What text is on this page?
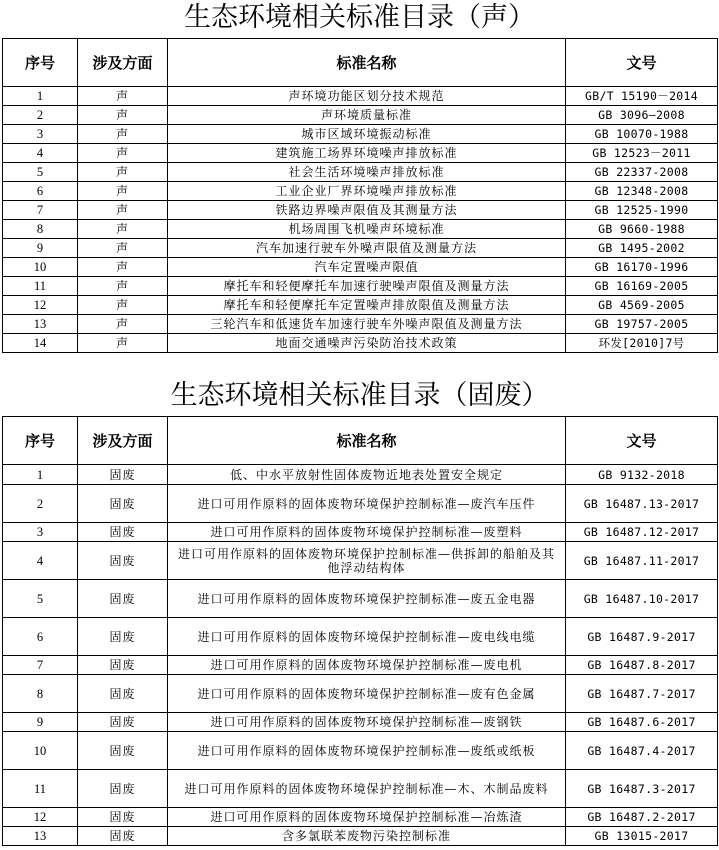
生态环境相关标准目录（声）
序号	涉及方面	标准名称	文号
1	声	声环境功能区划分技术规范	GB/T 15190－2014
2	声	声环境质量标准	GB 3096—2008
3	声	城市区域环境振动标准	GB 10070-1988
4	声	建筑施工场界环境噪声排放标准	GB 12523－2011
5	声	社会生活环境噪声排放标准	GB 22337-2008
6	声	工业企业厂界环境噪声排放标准	GB 12348-2008
7	声	铁路边界噪声限值及其测量方法	GB 12525-1990
8	声	机场周围飞机噪声环境标准	GB 9660-1988
9	声	汽车加速行驶车外噪声限值及测量方法	GB 1495-2002
10	声	汽车定置噪声限值	GB 16170-1996
11	声	摩托车和轻便摩托车加速行驶噪声限值及测量方法	GB 16169-2005
12	声	摩托车和轻便摩托车定置噪声排放限值及测量方法	GB 4569-2005
13	声	三轮汽车和低速货车加速行驶车外噪声限值及测量方法	GB 19757-2005
14	声	地面交通噪声污染防治技术政策	环发[2010]7号
生态环境相关标准目录（固废）
序号	涉及方面	标准名称	文号
1	固废	低、中水平放射性固体废物近地表处置安全规定	GB 9132-2018
2	固废	进口可用作原料的固体废物环境保护控制标准—废汽车压件	GB 16487.13-2017
3	固废	进口可用作原料的固体废物环境保护控制标准—废塑料	GB 16487.12-2017
4	固废	进口可用作原料的固体废物环境保护控制标准—供拆卸的船舶及其他浮动结构体	GB 16487.11-2017
5	固废	进口可用作原料的固体废物环境保护控制标准—废五金电器	GB 16487.10-2017
6	固废	进口可用作原料的固体废物环境保护控制标准—废电线电缆	GB 16487.9-2017
7	固废	进口可用作原料的固体废物环境保护控制标准—废电机	GB 16487.8-2017
8	固废	进口可用作原料的固体废物环境保护控制标准—废有色金属	GB 16487.7-2017
9	固废	进口可用作原料的固体废物环境保护控制标准—废钢铁	GB 16487.6-2017
10	固废	进口可用作原料的固体废物环境保护控制标准—废纸或纸板	GB 16487.4-2017
11	固废	进口可用作原料的固体废物环境保护控制标准—木、木制品废料	GB 16487.3-2017
12	固废	进口可用作原料的固体废物环境保护控制标准—冶炼渣	GB 16487.2-2017
13	固废	含多氯联苯废物污染控制标准	GB 13015-2017
